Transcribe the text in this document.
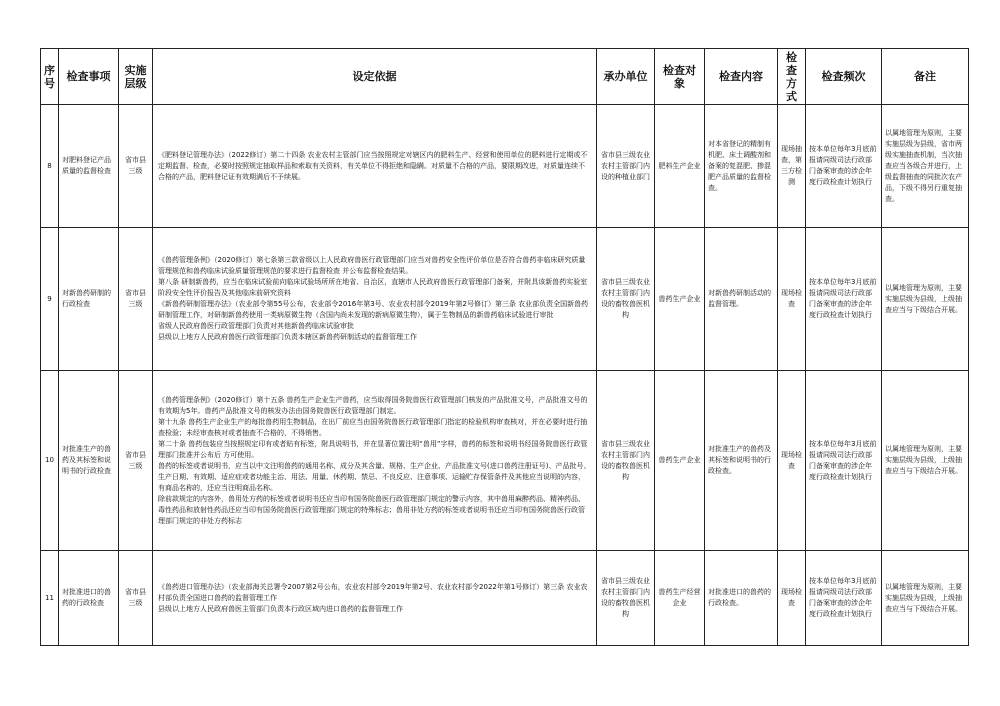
序号	检查事项	实施层级	设定依据	承办单位	检查对象	检查内容	检查方式	检查频次	备注
8	对肥料登记产品质量的监督检查	省市县三级	《肥料登记管理办法》（2022修订）第二十四条 农业农村主管部门应当按照规定对辖区内的肥料生产、经营和使用单位的肥料进行定期或不定期监督、检查，必要时按照规定抽取样品和索取有关资料，有关单位不得拒绝和隐瞒。对质量不合格的产品，要限期改进，对质量连续不合格的产品，肥料登记证有效期满后不予续展。	省市县三级农业农村主管部门内设的种植业部门	肥料生产企业	对本省登记的精制有机肥、床土调酸剂和备案的复混肥、掺混肥产品质量的监督检查。	现场抽查，第三方检测	按本单位每年3月底前报请同级司法行政部门备案审查的涉企年度行政检查计划执行	以属地管理为原则，主要实施层级为县级，省市两级实施抽查机制，当次抽查应当各级合并进行，上级监督抽查的同批次农产品，下级不得另行重复抽查。
9	对新兽药研制的行政检查	省市县三级	《兽药管理条例》（2020修订）第七条第三款省级以上人民政府兽医行政管理部门应当对兽药安全性评价单位是否符合兽药非临床研究质量管理规范和兽药临床试验质量管理规范的要求进行监督检查 并公布监督检查结果。

第八条 研制新兽药，应当在临床试验前向临床试验场所所在地省、自治区，直辖市人民政府兽医行政管理部门备案，并附具该新兽药实验室阶段安全性评价报告及其他临床前研究资料

《新兽药研制管理办法》（农业部令第55号公布，农业部令2016年第3号、农业农村部令2019年第2号修订）第三条 农业部负责全国新兽药研制管理工作，对研制新兽药使用一类病原微生物（含国内尚未发现的新病原微生物），属于生物制品的新兽药临床试验进行审批

省级人民政府兽医行政管理部门负责对其他新兽药临床试验审批

县级以上地方人民政府兽医行政管理部门负责本辖区新兽药研制活动的监督管理工作	省市县三级农业农村主管部门内设的畜牧兽医机构	兽药生产企业	对新兽药研制活动的监督管理。	现场检查	按本单位每年3月底前报请同级司法行政部门备案审查的涉企年度行政检查计划执行	以属地管理为原则，主要实施层级为县级，上级抽查应当与下级结合开展。
10	对批准生产的兽药及其标签和说明书的行政检查	省市县三级	《兽药管理条例》（2020修订）第十五条 兽药生产企业生产兽药，应当取得国务院兽医行政管理部门核发的产品批准文号，产品批准文号的有效期为5年。兽药产品批准文号的核发办法由国务院兽医行政管理部门制定。

第十九条 兽药生产企业生产的每批兽药用生物制品，在出厂前应当由国务院兽医行政管理部门指定的检验机构审查核对，并在必要时进行抽查检验；未经审查核对或者抽查不合格的，不得销售。

第二十条 兽药包装应当按照规定印有或者贴有标签，附具说明书，并在显著位置注明“兽用”字样，兽药的标签和说明书经国务院兽医行政管理部门批准并公布后 方可使用。

兽药的标签或者说明书，应当以中文注明兽药的通用名称、成分及其含量、规格、生产企业、产品批准文号(进口兽药注册证号)、产品批号、生产日期、有效期、适应症或者功能主治、用法、用量、休药期、禁忌、不良反应、注意事项、运输贮存保管条件及其他应当说明的内容，有商品名称的，还应当注明商品名称。

除前款规定的内容外，兽用处方药的标签或者说明书还应当印有国务院兽医行政管理部门规定的警示内容，其中兽用麻醉药品、精神药品、毒性药品和放射性药品还应当印有国务院兽医行政管理部门规定的特殊标志；兽用非处方药的标签或者说明书还应当印有国务院兽医行政管理部门规定的非处方药标志	省市县三级农业农村主管部门内设的畜牧兽医机构	兽药生产企业	对批准生产的兽药及其标签和说明书的行政检查。	现场检查	按本单位每年3月底前报请同级司法行政部门备案审查的涉企年度行政检查计划执行	以属地管理为原则，主要实施层级为县级，上级抽查应当与下级结合开展。
11	对批准进口的兽药的行政检查	省市县三级	《兽药进口管理办法》（农业部海关总署令2007第2号公布，农业农村部令2019年第2号、农业农村部令2022年第1号修订）第三条 农业农村部负责全国进口兽药的监督管理工作

县级以上地方人民政府兽医主管部门负责本行政区域内进口兽药的监督管理工作	省市县三级农业农村主管部门内设的畜牧兽医机构	兽药生产经营企业	对批准进口的兽药的行政检查。	现场检查	按本单位每年3月底前报请同级司法行政部门备案审查的涉企年度行政检查计划执行	以属地管理为原则，主要实施层级为县级，上级抽查应当与下级结合开展。
